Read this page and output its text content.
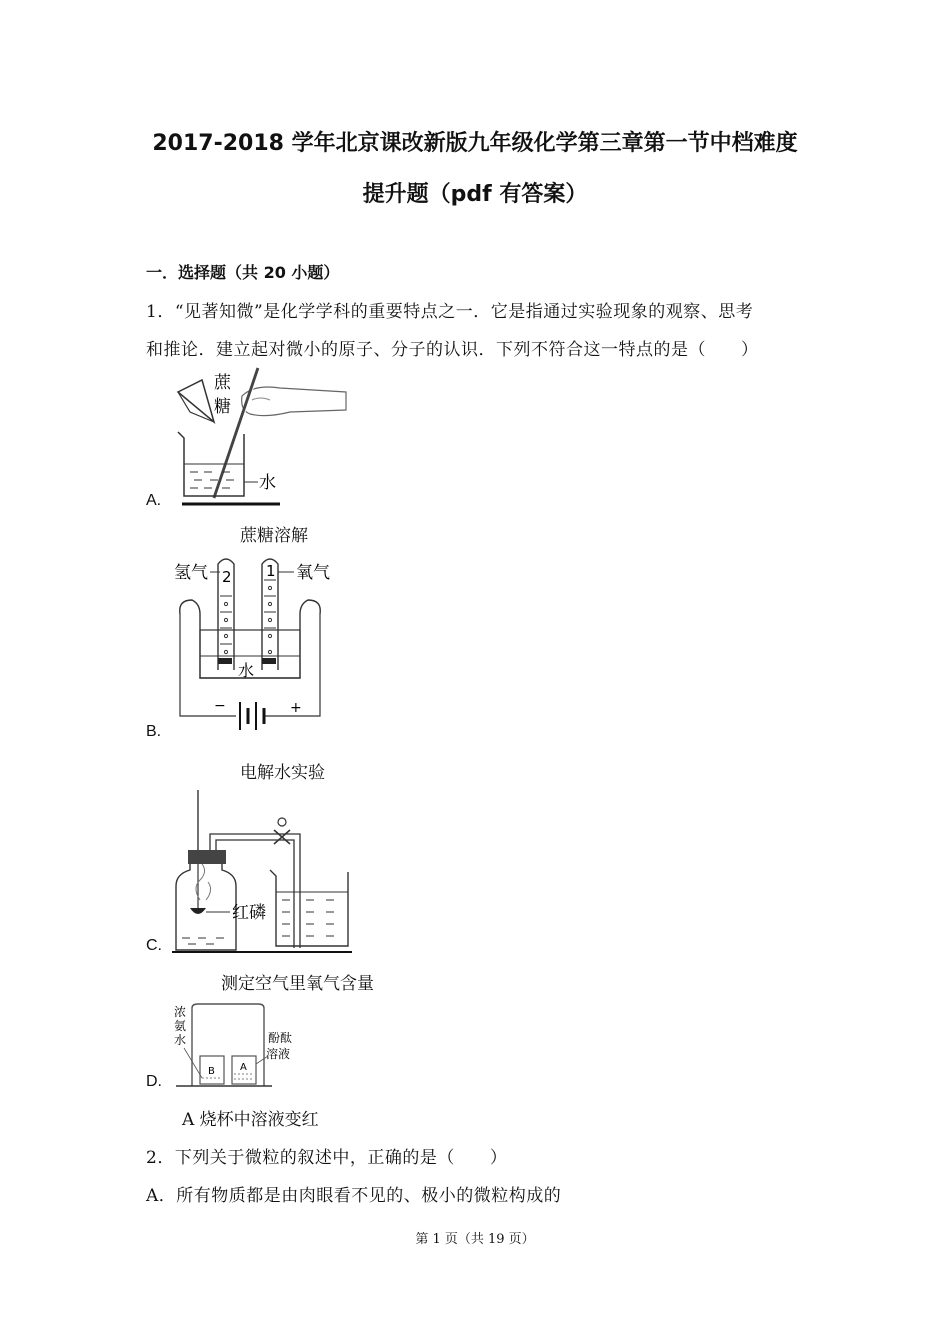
2017-2018 学年北京课改新版九年级化学第三章第一节中档难度
提升题（pdf 有答案）
一．选择题（共 20 小题）
1．“见著知微”是化学学科的重要特点之一．它是指通过实验现象的观察、思考
和推论．建立起对微小的原子、分子的认识．下列不符合这一特点的是（　　）
蔗
糖
水
A.
蔗糖溶解
氢气	氧气
2 1
水
−	+
B.
电解水实验
红磷
C.
测定空气里氧气含量
浓
氨
水
B	A
酚酞
溶液
D.
A 烧杯中溶液变红
2．下列关于微粒的叙述中，正确的是（　　）
A．所有物质都是由肉眼看不见的、极小的微粒构成的
第 1 页（共 19 页）
